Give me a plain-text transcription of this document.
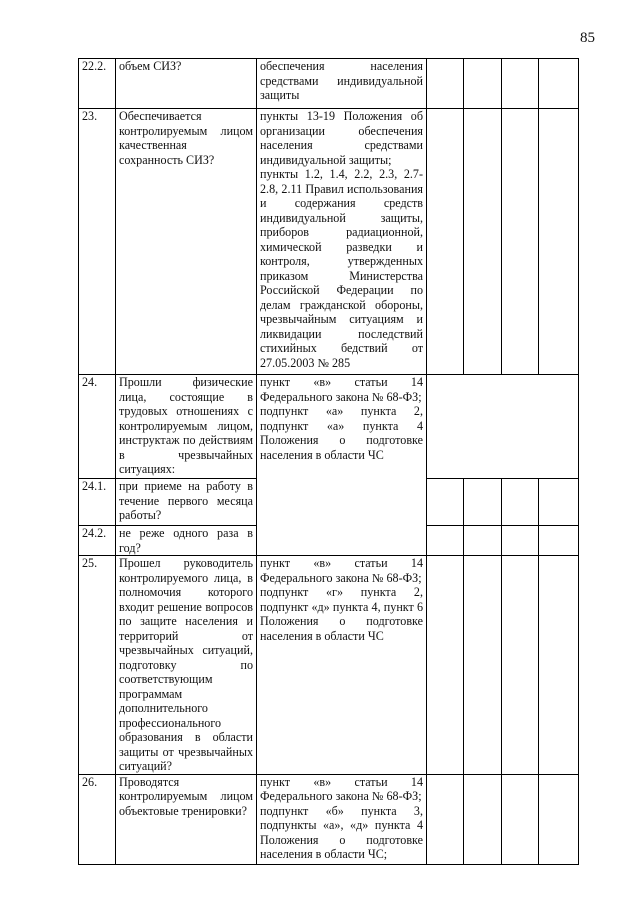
85
22.2.	объем СИЗ?	обеспечения населения средствами индивидуальной защиты				
23.	Обеспечивается контролируемым лицом качественная сохранность СИЗ?	пункты 13-19 Положения об организации обеспечения населения средствами индивидуальной защиты;
пункты 1.2, 1.4, 2.2, 2.3, 2.7-2.8, 2.11 Правил использования и содержания средств индивидуальной защиты, приборов радиационной, химической разведки и контроля, утвержденных приказом Министерства Российской Федерации по делам гражданской обороны, чрезвычайным ситуациям и ликвидации последствий стихийных бедствий от 27.05.2003 № 285				

24.	Прошли физические лица, состоящие в трудовых отношениях с контролируемым лицом, инструктаж по действиям в чрезвычайных ситуациях:	пункт «в» статьи 14 Федерального закона № 68-ФЗ;
подпункт «а» пункта 2, подпункт «а» пункта 4 Положения о подготовке населения в области ЧС				

24.1.	при приеме на работу в течение первого месяца работы?					
24.2.	не реже одного раза в год?					
25.	Прошел руководитель контролируемого лица, в полномочия которого входит решение вопросов по защите населения и территорий от чрезвычайных ситуаций, подготовку по соответствующим программам дополнительного профессионального образования в области защиты от чрезвычайных ситуаций?	пункт «в» статьи 14 Федерального закона № 68-ФЗ;
подпункт «г» пункта 2, подпункт «д» пункта 4, пункт 6 Положения о подготовке населения в области ЧС				

26.	Проводятся контролируемым лицом объектовые тренировки?	пункт «в» статьи 14 Федерального закона № 68-ФЗ;
подпункт «б» пункта 3, подпункты «а», «д» пункта 4 Положения о подготовке населения в области ЧС;				
